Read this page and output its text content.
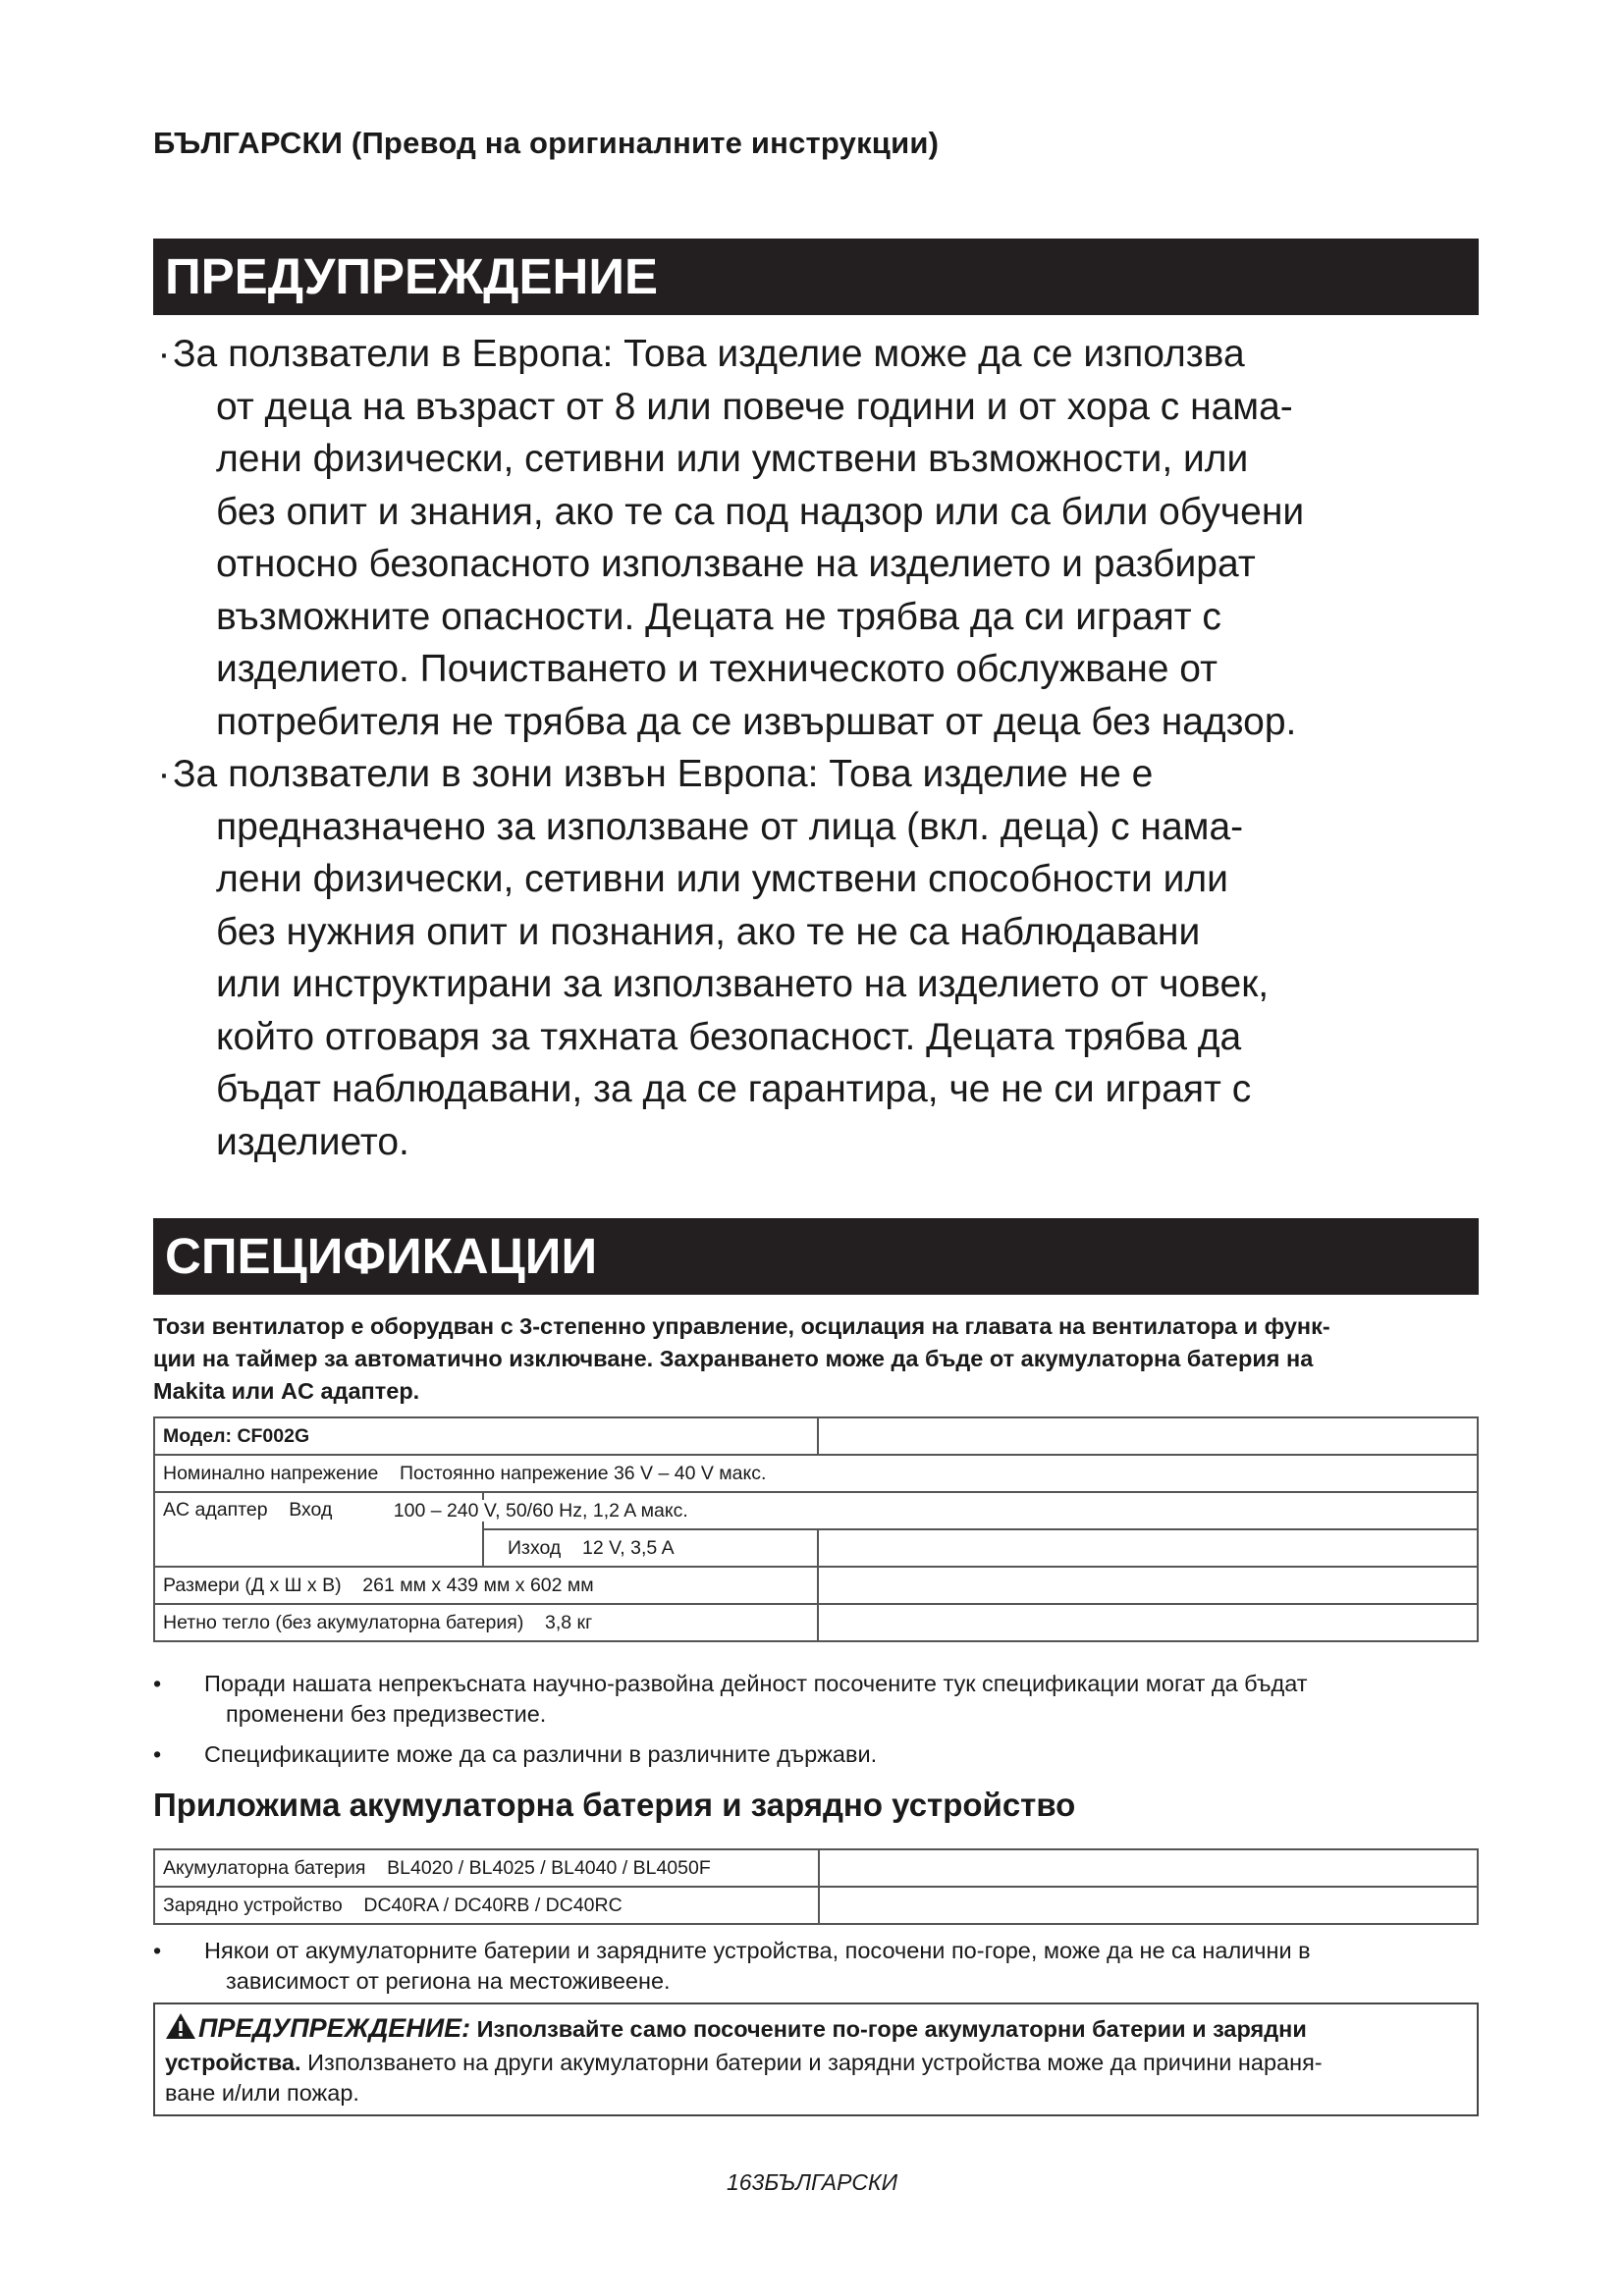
БЪЛГАРСКИ (Превод на оригиналните инструкции)
ПРЕДУПРЕЖДЕНИЕ
· За ползватели в Европа: Това изделие може да се използва
от деца на възраст от 8 или повече години и от хора с нама-
лени физически, сетивни или умствени възможности, или
без опит и знания, ако те са под надзор или са били обучени
относно безопасното използване на изделието и разбират
възможните опасности. Децата не трябва да си играят с
изделието. Почистването и техническото обслужване от
потребителя не трябва да се извършват от деца без надзор.
· За ползватели в зони извън Европа: Това изделие не е
предназначено за използване от лица (вкл. деца) с нама-
лени физически, сетивни или умствени способности или
без нужния опит и познания, ако те не са наблюдавани
или инструктирани за използването на изделието от човек,
който отговаря за тяхната безопасност. Децата трябва да
бъдат наблюдавани, за да се гарантира, че не си играят с
изделието.
СПЕЦИФИКАЦИИ
Този вентилатор е оборудван с 3-степенно управление, осцилация на главата на вентилатора и функ-
ции на таймер за автоматично изключване. Захранването може да бъде от акумулаторна батерия на
Makita или AC адаптер.
Модел: CF002G		
Номинално напрежение Постоянно напрежение 36 V – 40 V макс.		
AC адаптер Вход	100 – 240 V, 50/60 Hz, 1,2 A макс.	
	Изход 12 V, 3,5 A	
Размери (Д x Ш x В) 261 мм x 439 мм x 602 мм		
Нетно тегло (без акумулаторна батерия) 3,8 кг		
•	Поради нашата непрекъсната научно-развойна дейност посочените тук спецификации могат да бъдат
променени без предизвестие.
•	Спецификациите може да са различни в различните държави.
Приложима акумулаторна батерия и зарядно устройство
Акумулаторна батерия BL4020 / BL4025 / BL4040 / BL4050F	
Зарядно устройство DC40RA / DC40RB / DC40RC	
•	Някои от акумулаторните батерии и зарядните устройства, посочени по-горе, може да не са налични в
зависимост от региона на местоживеене.
ПРЕДУПРЕЖДЕНИЕ: Използвайте само посочените по-горе акумулаторни батерии и зарядни
устройства. Използването на други акумулаторни батерии и зарядни устройства може да причини нараня-
ване и/или пожар.
163БЪЛГАРСКИ
